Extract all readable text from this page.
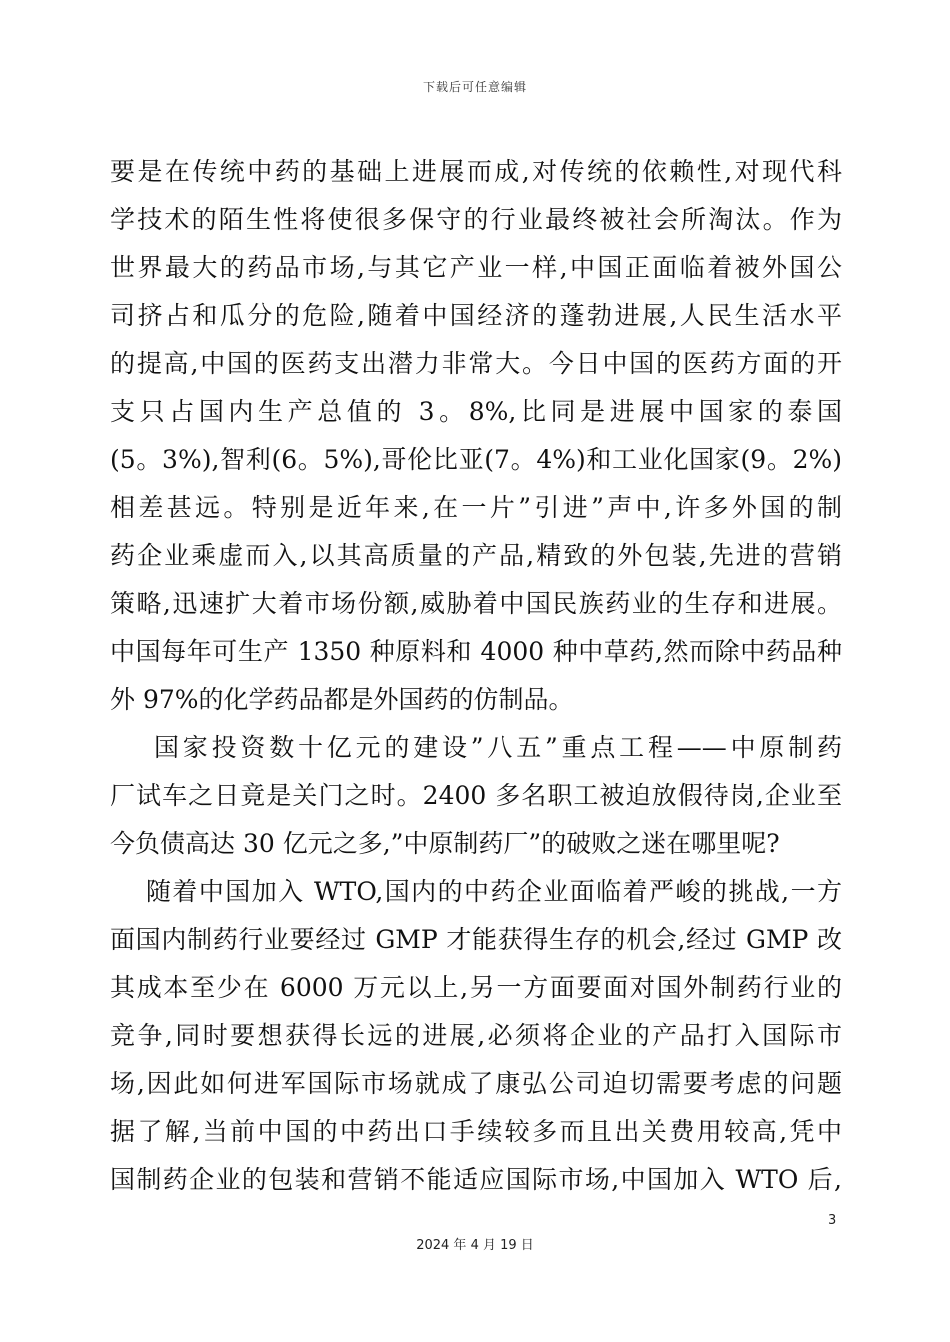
下载后可任意编辑
要是在传统中药的基础上进展而成,对传统的依赖性,对现代科
学技术的陌生性将使很多保守的行业最终被社会所淘汰。作为
世界最大的药品市场,与其它产业一样,中国正面临着被外国公
司挤占和瓜分的危险,随着中国经济的蓬勃进展,人民生活水平
的提高,中国的医药支出潜力非常大。今日中国的医药方面的开
支只占国内生产总值的 3。8%,比同是进展中国家的泰国
(5。3%),智利(6。5%),哥伦比亚(7。4%)和工业化国家(9。2%)
相差甚远。特别是近年来,在一片”引进”声中,许多外国的制
药企业乘虚而入,以其高质量的产品,精致的外包装,先进的营销
策略,迅速扩大着市场份额,威胁着中国民族药业的生存和进展。
中国每年可生产 1350 种原料和 4000 种中草药,然而除中药品种
外 97%的化学药品都是外国药的仿制品。
国家投资数十亿元的建设”八五”重点工程——中原制药
厂试车之日竟是关门之时。2400 多名职工被迫放假待岗,企业至
今负债高达 30 亿元之多,”中原制药厂”的破败之迷在哪里呢?
随着中国加入 WTO,国内的中药企业面临着严峻的挑战,一方
面国内制药行业要经过 GMP 才能获得生存的机会,经过 GMP 改
其成本至少在 6000 万元以上,另一方面要面对国外制药行业的
竞争,同时要想获得长远的进展,必须将企业的产品打入国际市
场,因此如何进军国际市场就成了康弘公司迫切需要考虑的问题
据了解,当前中国的中药出口手续较多而且出关费用较高,凭中
国制药企业的包装和营销不能适应国际市场,中国加入 WTO 后,
3
2024 年 4 月 19 日
